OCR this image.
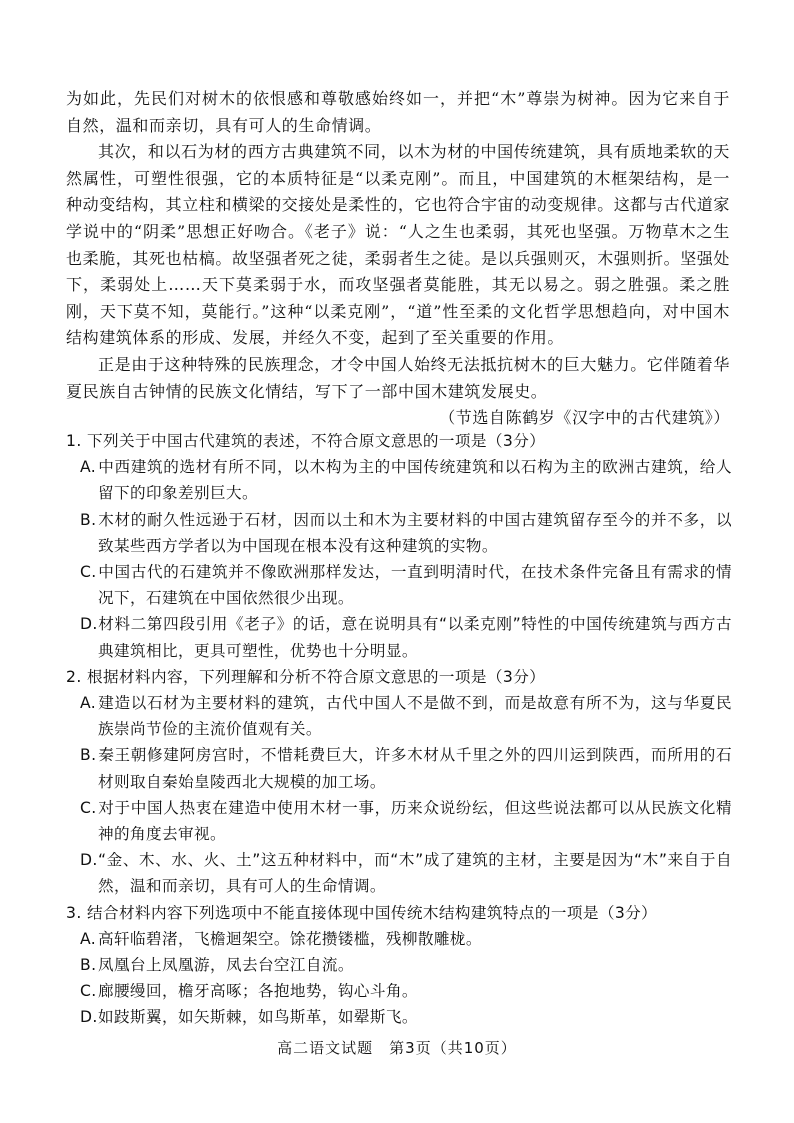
为如此，先民们对树木的依恨感和尊敬感始终如一，并把“木”尊崇为树神。因为它来自于自然，温和而亲切，具有可人的生命情调。

其次，和以石为材的西方古典建筑不同，以木为材的中国传统建筑，具有质地柔软的天然属性，可塑性很强，它的本质特征是“以柔克刚”。而且，中国建筑的木框架结构，是一种动变结构，其立柱和横梁的交接处是柔性的，它也符合宇宙的动变规律。这都与古代道家学说中的“阴柔”思想正好吻合。《老子》说：“人之生也柔弱，其死也坚强。万物草木之生也柔脆，其死也枯槁。故坚强者死之徒，柔弱者生之徒。是以兵强则灭，木强则折。坚强处下，柔弱处上……天下莫柔弱于水，而攻坚强者莫能胜，其无以易之。弱之胜强。柔之胜刚，天下莫不知，莫能行。”这种“以柔克刚”，“道”性至柔的文化哲学思想趋向，对中国木结构建筑体系的形成、发展，并经久不变，起到了至关重要的作用。

正是由于这种特殊的民族理念，才令中国人始终无法抵抗树木的巨大魅力。它伴随着华夏民族自古钟情的民族文化情结，写下了一部中国木建筑发展史。

（节选自陈鹤岁《汉字中的古代建筑》）

1. 下列关于中国古代建筑的表述，不符合原文意思的一项是（3分）

A. 中西建筑的选材有所不同，以木构为主的中国传统建筑和以石构为主的欧洲古建筑，给人留下的印象差别巨大。

B.木材的耐久性远逊于石材，因而以土和木为主要材料的中国古建筑留存至今的并不多，以致某些西方学者以为中国现在根本没有这种建筑的实物。

C.中国古代的石建筑并不像欧洲那样发达，一直到明清时代，在技术条件完备且有需求的情况下，石建筑在中国依然很少出现。

D.材料二第四段引用《老子》的话，意在说明具有“以柔克刚”特性的中国传统建筑与西方古典建筑相比，更具可塑性，优势也十分明显。

2. 根据材料内容，下列理解和分析不符合原文意思的一项是（3分）

A. 建造以石材为主要材料的建筑，古代中国人不是做不到，而是故意有所不为，这与华夏民族崇尚节俭的主流价值观有关。

B.秦王朝修建阿房宫时，不惜耗费巨大，许多木材从千里之外的四川运到陕西，而所用的石材则取自秦始皇陵西北大规模的加工场。

C.对于中国人热衷在建造中使用木材一事，历来众说纷纭，但这些说法都可以从民族文化精神的角度去审视。

D.“金、木、水、火、土”这五种材料中，而“木”成了建筑的主材，主要是因为“木”来自于自然，温和而亲切，具有可人的生命情调。

3. 结合材料内容下列选项中不能直接体现中国传统木结构建筑特点的一项是（3分）

A. 高轩临碧渚，飞檐迴架空。馀花攒镂槛，残柳散雕栊。

B.凤凰台上凤凰游，凤去台空江自流。

C.廊腰缦回，檐牙高啄；各抱地势，钩心斗角。

D.如跂斯翼，如矢斯棘，如鸟斯革，如翚斯飞。

高二语文试题　第3页（共10页）
